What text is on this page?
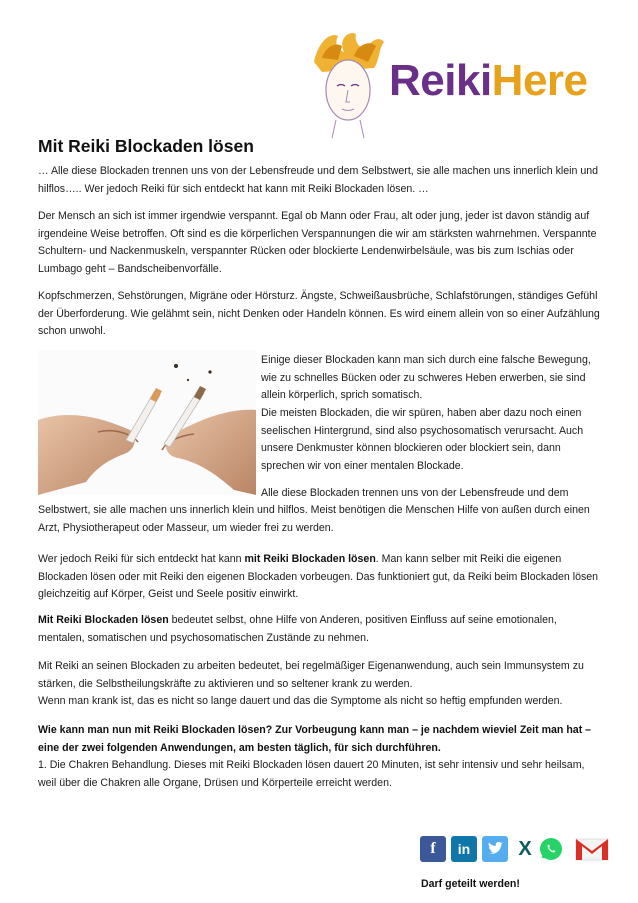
ReikiHere
Mit Reiki Blockaden lösen

… Alle diese Blockaden trennen uns von der Lebensfreude und dem Selbstwert, sie alle machen uns innerlich klein und hilflos….. Wer jedoch Reiki für sich entdeckt hat kann mit Reiki Blockaden lösen. …

Der Mensch an sich ist immer irgendwie verspannt. Egal ob Mann oder Frau, alt oder jung, jeder ist davon ständig auf irgendeine Weise betroffen. Oft sind es die körperlichen Verspannungen die wir am stärksten wahrnehmen. Verspannte Schultern- und Nackenmuskeln, verspannter Rücken oder blockierte Lendenwirbelsäule, was bis zum Ischias oder Lumbago geht – Bandscheibenvorfälle.

Kopfschmerzen, Sehstörungen, Migräne oder Hörsturz. Ängste, Schweißausbrüche, Schlafstörungen, ständiges Gefühl der Überforderung. Wie gelähmt sein, nicht Denken oder Handeln können. Es wird einem allein von so einer Aufzählung schon unwohl.

Einige dieser Blockaden kann man sich durch eine falsche Bewegung, wie zu schnelles Bücken oder zu schweres Heben erwerben, sie sind allein körperlich, sprich somatisch.

Die meisten Blockaden, die wir spüren, haben aber dazu noch einen seelischen Hintergrund, sind also psychosomatisch verursacht. Auch unsere Denkmuster können blockieren oder blockiert sein, dann sprechen wir von einer mentalen Blockade.

Alle diese Blockaden trennen uns von der Lebensfreude und dem

Selbstwert, sie alle machen uns innerlich klein und hilflos. Meist benötigen die Menschen Hilfe von außen durch einen Arzt, Physiotherapeut oder Masseur, um wieder frei zu werden.

Wer jedoch Reiki für sich entdeckt hat kann mit Reiki Blockaden lösen. Man kann selber mit Reiki die eigenen Blockaden lösen oder mit Reiki den eigenen Blockaden vorbeugen. Das funktioniert gut, da Reiki beim Blockaden lösen gleichzeitig auf Körper, Geist und Seele positiv einwirkt.

Mit Reiki Blockaden lösen bedeutet selbst, ohne Hilfe von Anderen, positiven Einfluss auf seine emotionalen, mentalen, somatischen und psychosomatischen Zustände zu nehmen.

Mit Reiki an seinen Blockaden zu arbeiten bedeutet, bei regelmäßiger Eigenanwendung, auch sein Immunsystem zu stärken, die Selbstheilungskräfte zu aktivieren und so seltener krank zu werden.

Wenn man krank ist, das es nicht so lange dauert und das die Symptome als nicht so heftig empfunden werden.

Wie kann man nun mit Reiki Blockaden lösen? Zur Vorbeugung kann man – je nachdem wieviel Zeit man hat – eine der zwei folgenden Anwendungen, am besten täglich, für sich durchführen.
1. Die Chakren Behandlung. Dieses mit Reiki Blockaden lösen dauert 20 Minuten, ist sehr intensiv und sehr heilsam, weil über die Chakren alle Organe, Drüsen und Körperteile erreicht werden.

f	in	X
Darf geteilt werden!
